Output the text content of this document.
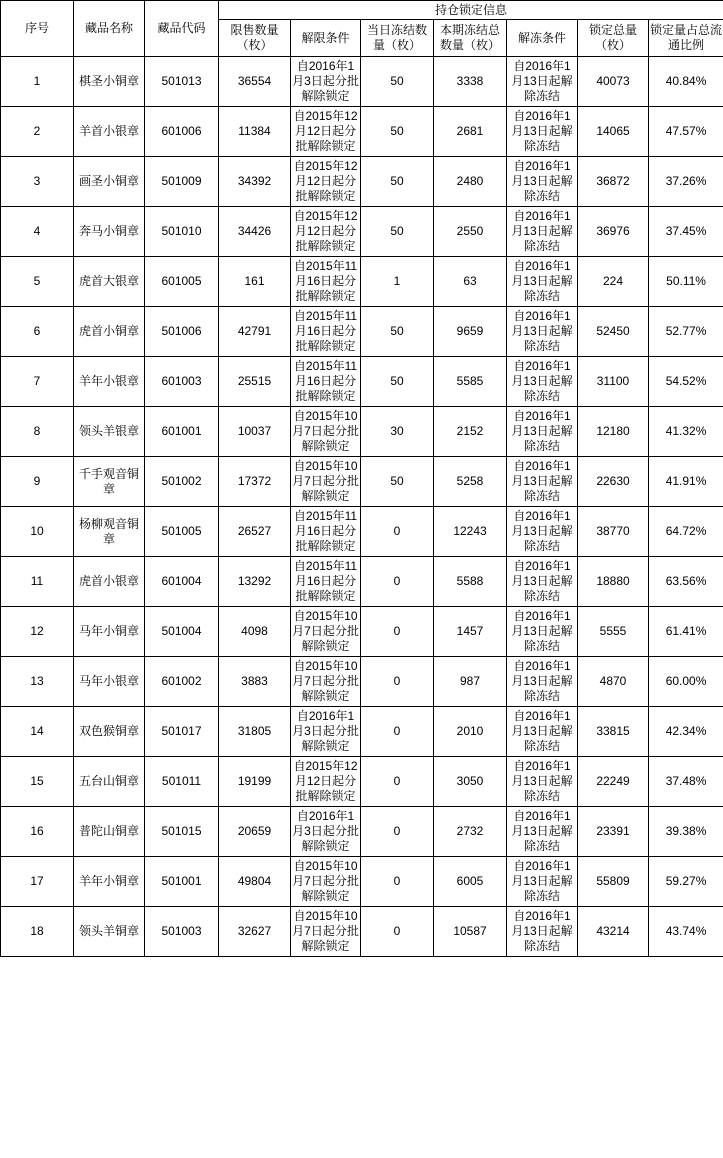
序号	藏品名称	藏品代码	持仓锁定信息						
			限售数量（枚）	解限条件	当日冻结数量（枚）	本期冻结总数量（枚）	解冻条件	锁定总量（枚）	锁定量占总流通比例
1	棋圣小铜章	501013	36554	自2016年1月3日起分批解除锁定	50	3338	自2016年1月13日起解除冻结	40073	40.84%
2	羊首小银章	601006	11384	自2015年12月12日起分批解除锁定	50	2681	自2016年1月13日起解除冻结	14065	47.57%
3	画圣小铜章	501009	34392	自2015年12月12日起分批解除锁定	50	2480	自2016年1月13日起解除冻结	36872	37.26%
4	奔马小铜章	501010	34426	自2015年12月12日起分批解除锁定	50	2550	自2016年1月13日起解除冻结	36976	37.45%
5	虎首大银章	601005	161	自2015年11月16日起分批解除锁定	1	63	自2016年1月13日起解除冻结	224	50.11%
6	虎首小铜章	501006	42791	自2015年11月16日起分批解除锁定	50	9659	自2016年1月13日起解除冻结	52450	52.77%
7	羊年小银章	601003	25515	自2015年11月16日起分批解除锁定	50	5585	自2016年1月13日起解除冻结	31100	54.52%
8	领头羊银章	601001	10037	自2015年10月7日起分批解除锁定	30	2152	自2016年1月13日起解除冻结	12180	41.32%
9	千手观音铜章	501002	17372	自2015年10月7日起分批解除锁定	50	5258	自2016年1月13日起解除冻结	22630	41.91%
10	杨柳观音铜章	501005	26527	自2015年11月16日起分批解除锁定	0	12243	自2016年1月13日起解除冻结	38770	64.72%
11	虎首小银章	601004	13292	自2015年11月16日起分批解除锁定	0	5588	自2016年1月13日起解除冻结	18880	63.56%
12	马年小铜章	501004	4098	自2015年10月7日起分批解除锁定	0	1457	自2016年1月13日起解除冻结	5555	61.41%
13	马年小银章	601002	3883	自2015年10月7日起分批解除锁定	0	987	自2016年1月13日起解除冻结	4870	60.00%
14	双色猴铜章	501017	31805	自2016年1月3日起分批解除锁定	0	2010	自2016年1月13日起解除冻结	33815	42.34%
15	五台山铜章	501011	19199	自2015年12月12日起分批解除锁定	0	3050	自2016年1月13日起解除冻结	22249	37.48%
16	普陀山铜章	501015	20659	自2016年1月3日起分批解除锁定	0	2732	自2016年1月13日起解除冻结	23391	39.38%
17	羊年小铜章	501001	49804	自2015年10月7日起分批解除锁定	0	6005	自2016年1月13日起解除冻结	55809	59.27%
18	领头羊铜章	501003	32627	自2015年10月7日起分批解除锁定	0	10587	自2016年1月13日起解除冻结	43214	43.74%
